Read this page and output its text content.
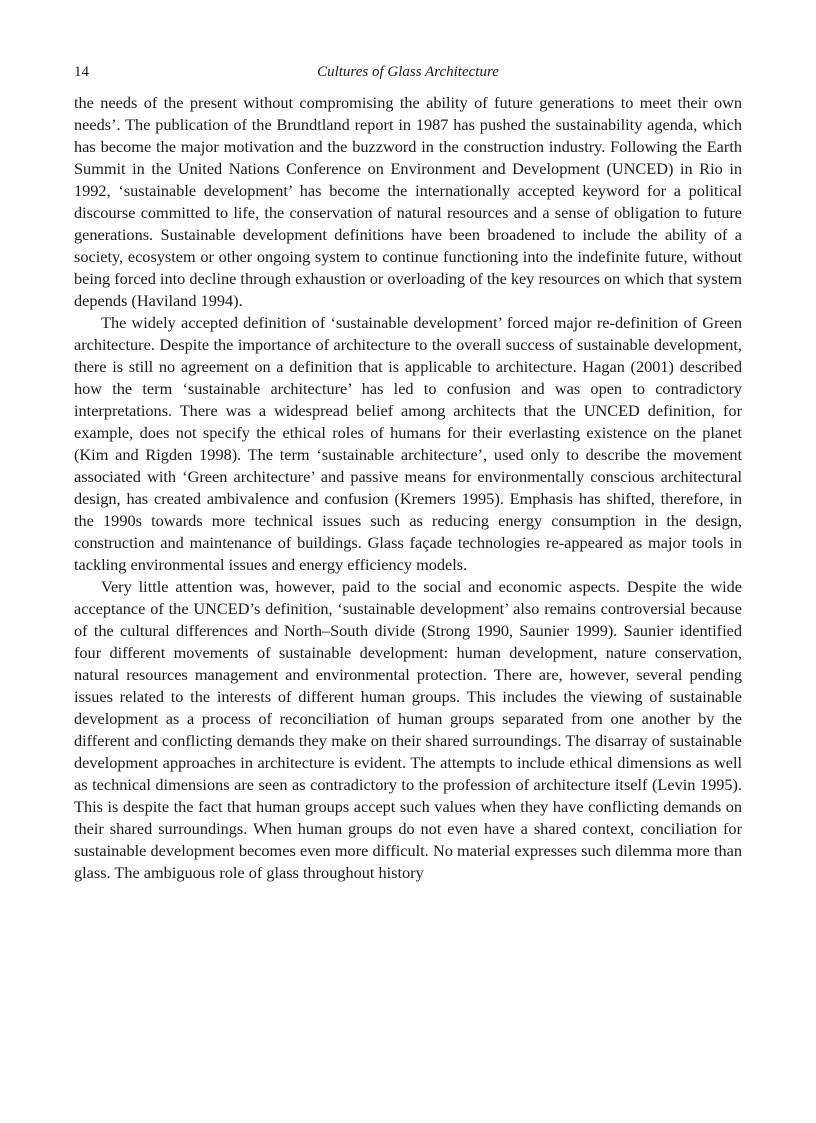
14	Cultures of Glass Architecture

the needs of the present without compromising the ability of future generations to meet their own needs’. The publication of the Brundtland report in 1987 has pushed the sustainability agenda, which has become the major motivation and the buzzword in the construction industry. Following the Earth Summit in the United Nations Conference on Environment and Development (UNCED) in Rio in 1992, ‘sustainable development’ has become the internationally accepted keyword for a political discourse committed to life, the conservation of natural resources and a sense of obligation to future generations. Sustainable development definitions have been broadened to include the ability of a society, ecosystem or other ongoing system to continue functioning into the indefinite future, without being forced into decline through exhaustion or overloading of the key resources on which that system depends (Haviland 1994).

The widely accepted definition of ‘sustainable development’ forced major re-definition of Green architecture. Despite the importance of architecture to the overall success of sustainable development, there is still no agreement on a definition that is applicable to architecture. Hagan (2001) described how the term ‘sustainable architecture’ has led to confusion and was open to contradictory interpretations. There was a widespread belief among architects that the UNCED definition, for example, does not specify the ethical roles of humans for their everlasting existence on the planet (Kim and Rigden 1998). The term ‘sustainable architecture’, used only to describe the movement associated with ‘Green architecture’ and passive means for environmentally conscious architectural design, has created ambivalence and confusion (Kremers 1995). Emphasis has shifted, therefore, in the 1990s towards more technical issues such as reducing energy consumption in the design, construction and maintenance of buildings. Glass façade technologies re-appeared as major tools in tackling environmental issues and energy efficiency models.

Very little attention was, however, paid to the social and economic aspects. Despite the wide acceptance of the UNCED’s definition, ‘sustainable development’ also remains controversial because of the cultural differences and North–South divide (Strong 1990, Saunier 1999). Saunier identified four different movements of sustainable development: human development, nature conservation, natural resources management and environmental protection. There are, however, several pending issues related to the interests of different human groups. This includes the viewing of sustainable development as a process of reconciliation of human groups separated from one another by the different and conflicting demands they make on their shared surroundings. The disarray of sustainable development approaches in architecture is evident. The attempts to include ethical dimensions as well as technical dimensions are seen as contradictory to the profession of architecture itself (Levin 1995). This is despite the fact that human groups accept such values when they have conflicting demands on their shared surroundings. When human groups do not even have a shared context, conciliation for sustainable development becomes even more difficult. No material expresses such dilemma more than glass. The ambiguous role of glass throughout history
